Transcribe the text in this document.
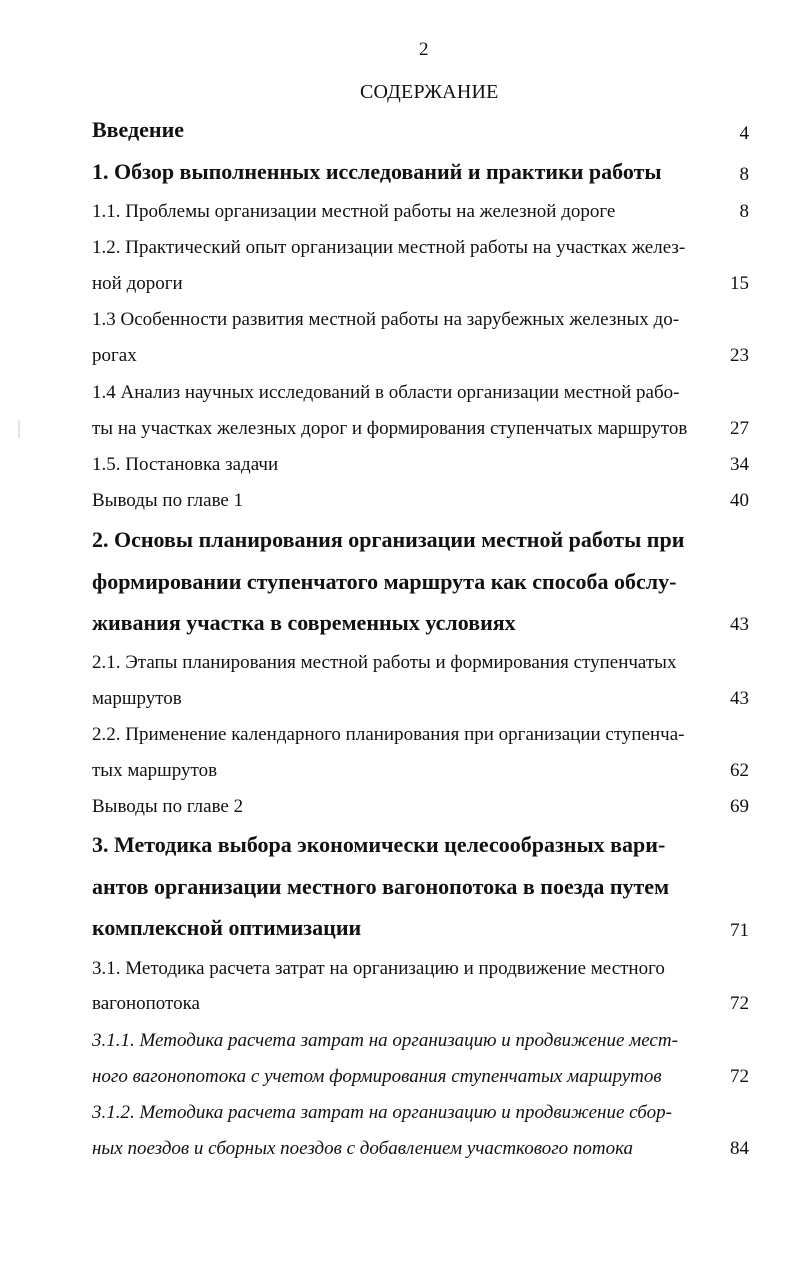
2
СОДЕРЖАНИЕ
Введение	4
1. Обзор выполненных исследований и практики работы	8
1.1. Проблемы организации местной работы на железной дороге	8
1.2. Практический опыт организации местной работы на участках желез-
ной дороги	15
1.3 Особенности развития местной работы на зарубежных железных до-
рогах	23
1.4 Анализ научных исследований в области организации местной рабо-
ты на участках железных дорог и формирования ступенчатых маршрутов 27
1.5. Постановка задачи	34
Выводы по главе 1	40
2. Основы планирования организации местной работы при
формировании ступенчатого маршрута как способа обслу-
живания участка в современных условиях	43
2.1. Этапы планирования местной работы и формирования ступенчатых
маршрутов	43
2.2. Применение календарного планирования при организации ступенча-
тых маршрутов	62
Выводы по главе 2	69
3. Методика выбора экономически целесообразных вари-
антов организации местного вагонопотока в поезда путем
комплексной оптимизации	71
3.1. Методика расчета затрат на организацию и продвижение местного
вагонопотока	72
3.1.1. Методика расчета затрат на организацию и продвижение мест-
ного вагонопотока с учетом формирования ступенчатых маршрутов	72
3.1.2. Методика расчета затрат на организацию и продвижение сбор-
ных поездов и сборных поездов с добавлением участкового потока	84
